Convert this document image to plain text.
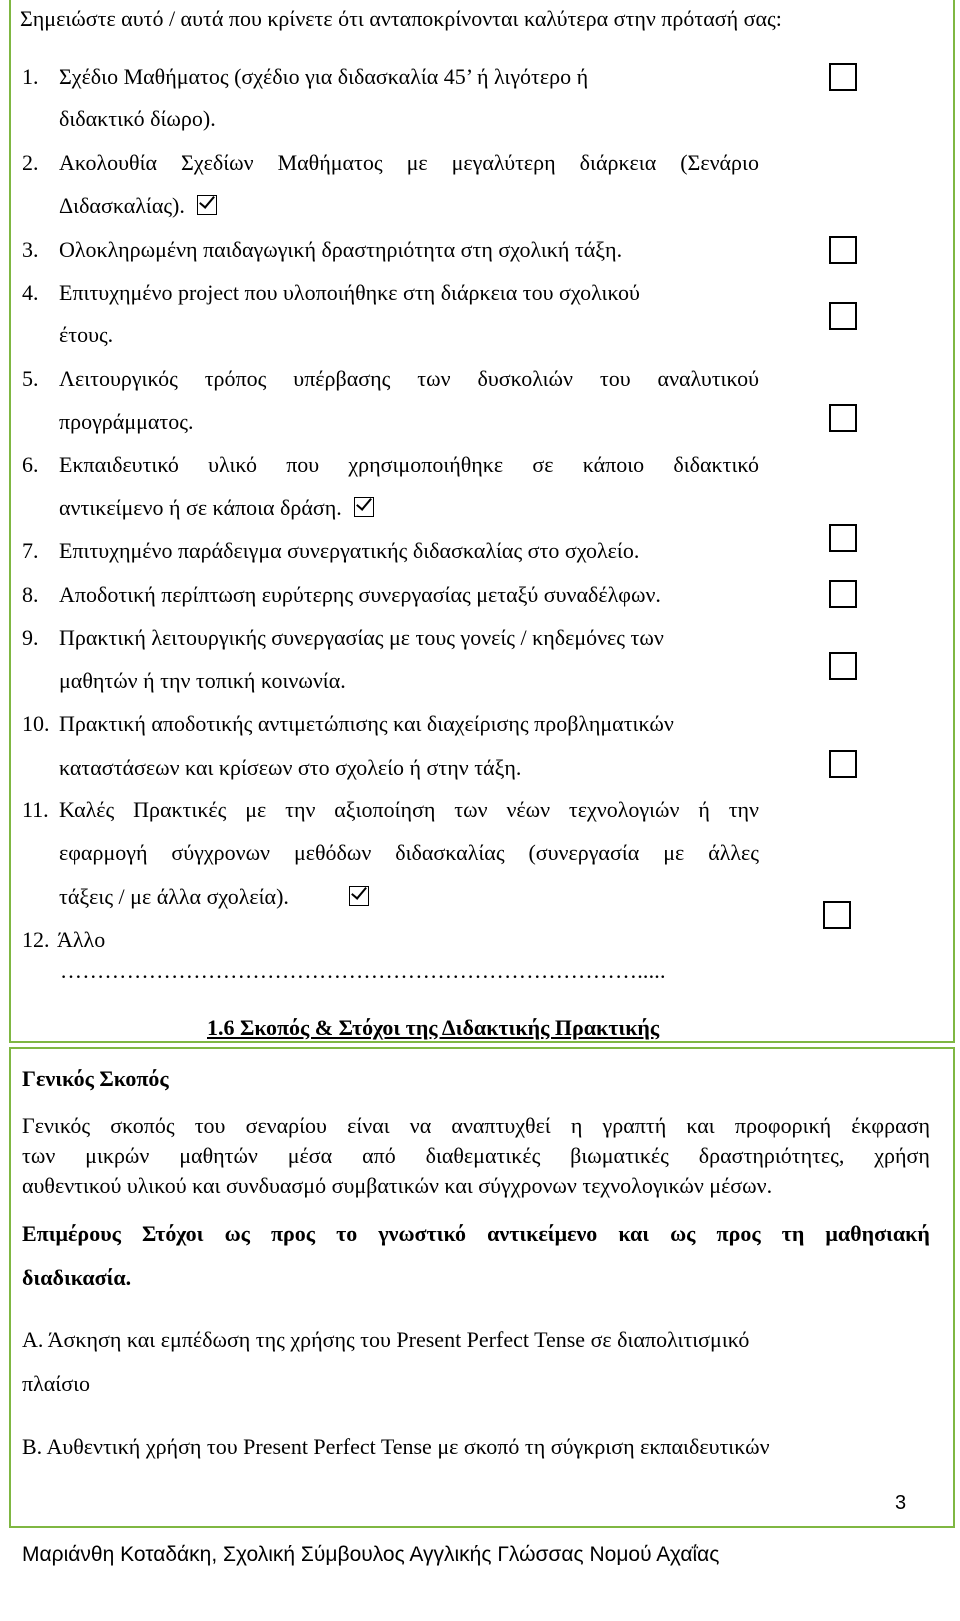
Σημειώστε αυτό / αυτά που κρίνετε ότι ανταποκρίνονται καλύτερα στην πρότασή σας:
1. Σχέδιο Μαθήματος (σχέδιο για διδασκαλία 45’ ή λιγότερο ή
διδακτικό δίωρο).
2. Ακολουθία Σχεδίων Μαθήματος με μεγαλύτερη διάρκεια (Σενάριο
Διδασκαλίας).
3. Ολοκληρωμένη παιδαγωγική δραστηριότητα στη σχολική τάξη.
4. Επιτυχημένο project που υλοποιήθηκε στη διάρκεια του σχολικού
έτους.
5. Λειτουργικός τρόπος υπέρβασης των δυσκολιών του αναλυτικού
προγράμματος.
6. Εκπαιδευτικό υλικό που χρησιμοποιήθηκε σε κάποιο διδακτικό
αντικείμενο ή σε κάποια δράση.
7. Επιτυχημένο παράδειγμα συνεργατικής διδασκαλίας στο σχολείο.
8. Αποδοτική περίπτωση ευρύτερης συνεργασίας μεταξύ συναδέλφων.
9. Πρακτική λειτουργικής συνεργασίας με τους γονείς / κηδεμόνες των
μαθητών ή την τοπική κοινωνία.
10. Πρακτική αποδοτικής αντιμετώπισης και διαχείρισης προβληματικών
καταστάσεων και κρίσεων στο σχολείο ή στην τάξη.
11. Καλές Πρακτικές με την αξιοποίηση των νέων τεχνολογιών ή την
εφαρμογή σύγχρονων μεθόδων διδασκαλίας (συνεργασία με άλλες
τάξεις / με άλλα σχολεία).
12. Άλλο
…………………………………………………………………….....
1.6 Σκοπός & Στόχοι της Διδακτικής Πρακτικής
Γενικός Σκοπός
Γενικός σκοπός του σεναρίου είναι να αναπτυχθεί η γραπτή και προφορική έκφραση
των μικρών μαθητών μέσα από διαθεματικές βιωματικές δραστηριότητες, χρήση
αυθεντικού υλικού και συνδυασμό συμβατικών και σύγχρονων τεχνολογικών μέσων.
Επιμέρους Στόχοι ως προς το γνωστικό αντικείμενο και ως προς τη μαθησιακή
διαδικασία.
Α. Άσκηση και εμπέδωση της χρήσης του Present Perfect Tense σε διαπολιτισμικό
πλαίσιο
Β. Αυθεντική χρήση του Present Perfect Tense με σκοπό τη σύγκριση εκπαιδευτικών
3
Μαριάνθη Κοταδάκη, Σχολική Σύμβουλος Αγγλικής Γλώσσας Νομού Αχαΐας
